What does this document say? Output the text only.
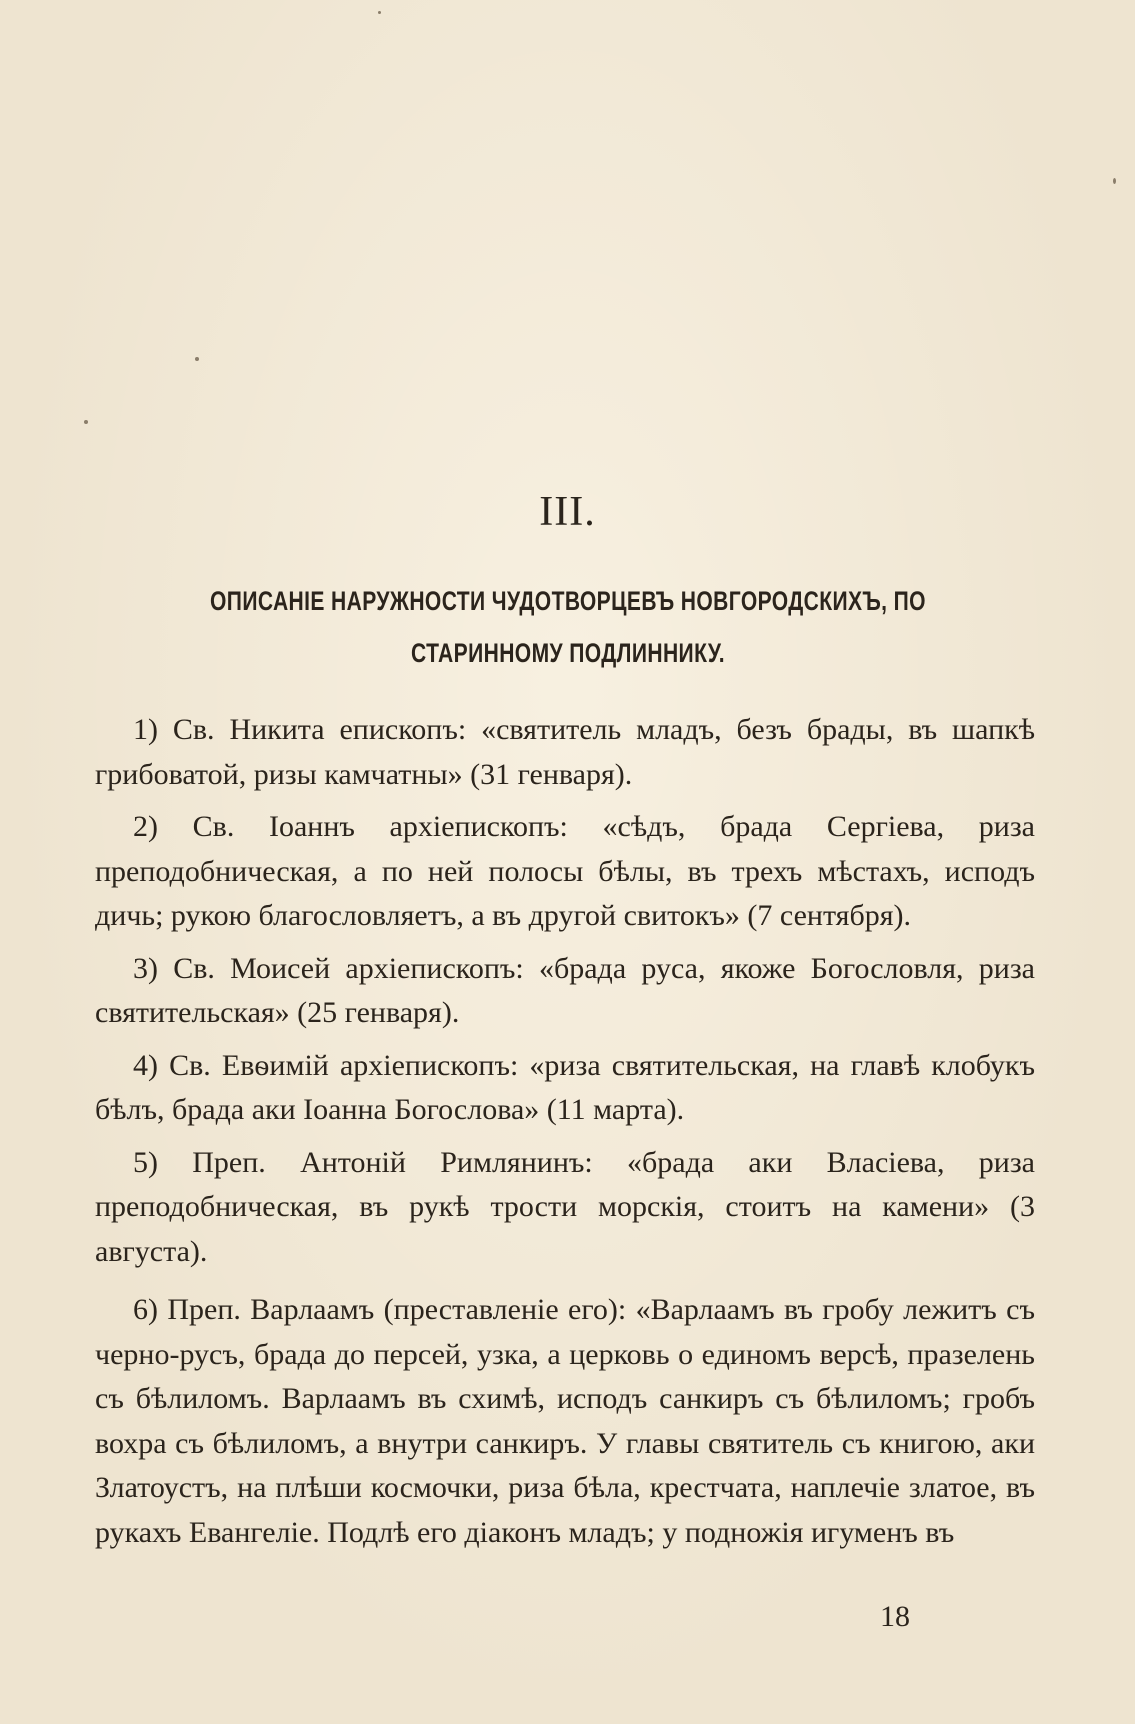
III.
ОПИСАНІЕ НАРУЖНОСТИ ЧУДОТВОРЦЕВЪ НОВГОРОДСКИХЪ, ПО СТАРИННОМУ ПОДЛИННИКУ.

1) Св. Никита епископъ: «святитель младъ, безъ брады, въ шапкѣ грибоватой, ризы камчатны» (31 генваря).

2) Св. Іоаннъ архіепископъ: «сѣдъ, брада Сергіева, риза преподобническая, а по ней полосы бѣлы, въ трехъ мѣстахъ, исподъ дичь; рукою благословляетъ, а въ другой свитокъ» (7 сентября).

3) Св. Моисей архіепископъ: «брада руса, якоже Богословля, риза святительская» (25 генваря).

4) Св. Евѳимій архіепископъ: «риза святительская, на главѣ клобукъ бѣлъ, брада аки Іоанна Богослова» (11 марта).

5) Преп. Антоній Римлянинъ: «брада аки Власіева, риза преподобническая, въ рукѣ трости морскія, стоитъ на камени» (3 августа).

6) Преп. Варлаамъ (преставленіе его): «Варлаамъ въ гробу лежитъ съ черно-русъ, брада до персей, узка, а церковь о единомъ версѣ, празелень съ бѣлиломъ. Варлаамъ въ схимѣ, исподъ санкиръ съ бѣлиломъ; гробъ вохра съ бѣлиломъ, а внутри санкиръ. У главы святитель съ книгою, аки Златоустъ, на плѣши космочки, риза бѣла, крестчата, наплечіе златое, въ рукахъ Евангеліе. Подлѣ его діаконъ младъ; у подножія игуменъ въ

18
